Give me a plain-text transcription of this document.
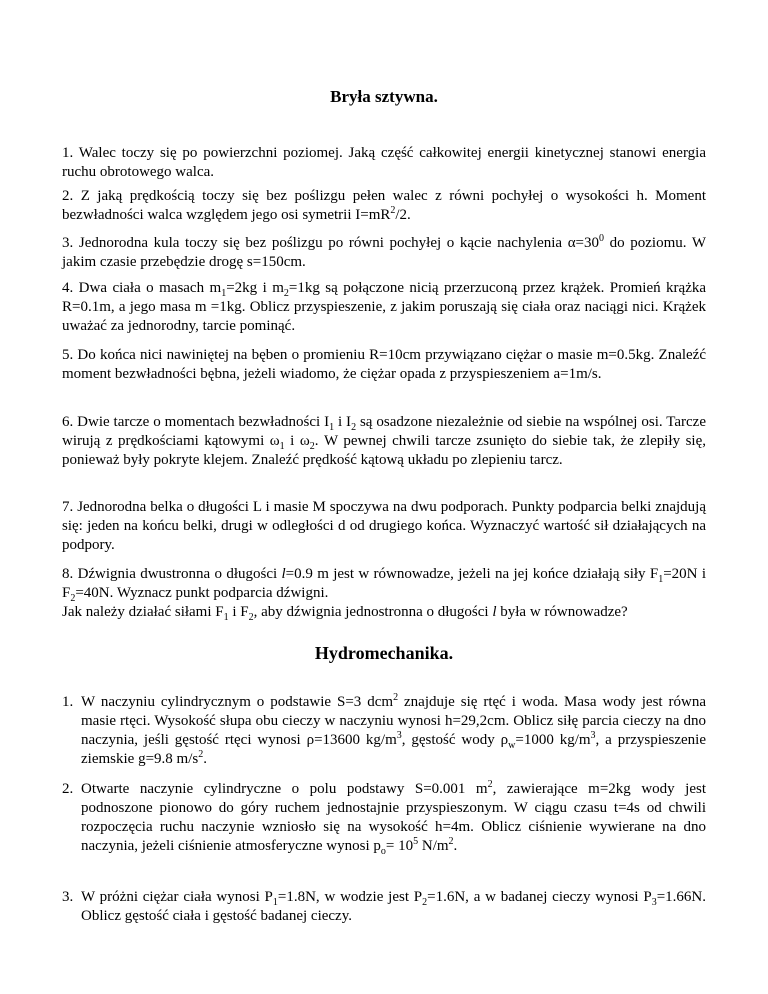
Bryła sztywna.

1. Walec toczy się po powierzchni poziomej. Jaką część całkowitej energii kinetycznej stanowi energia ruchu obrotowego walca.

2. Z jaką prędkością toczy się bez poślizgu pełen walec z równi pochyłej o wysokości h. Moment bezwładności walca względem jego osi symetrii $I=mR^2/2$.

3. Jednorodna kula toczy się bez poślizgu po równi pochyłej o kącie nachylenia $\alpha=30^0$ do poziomu. W jakim czasie przebędzie drogę s=150cm.

4. Dwa ciała o masach $m_1=2kg$ i $m_2=1kg$ są połączone nicią przerzuconą przez krążek. Promień krążka R=0.1m, a jego masa m =1kg. Oblicz przyspieszenie, z jakim poruszają się ciała oraz naciągi nici. Krążek uważać za jednorodny, tarcie pominąć.

5. Do końca nici nawiniętej na bęben o promieniu R=10cm przywiązano ciężar o masie m=0.5kg. Znaleźć moment bezwładności bębna, jeżeli wiadomo, że ciężar opada z przyspieszeniem a=1m/s.

6. Dwie tarcze o momentach bezwładności $I_1$ i $I_2$ są osadzone niezależnie od siebie na wspólnej osi. Tarcze wirują z prędkościami kątowymi $\omega_1$ i $\omega_2$. W pewnej chwili tarcze zsunięto do siebie tak, że zlepiły się, ponieważ były pokryte klejem. Znaleźć prędkość kątową układu po zlepieniu tarcz.

7. Jednorodna belka o długości L i masie M spoczywa na dwu podporach. Punkty podparcia belki znajdują się: jeden na końcu belki, drugi w odległości d od drugiego końca. Wyznaczyć wartość sił działających na podpory.

8. Dźwignia dwustronna o długości l=0.9 m jest w równowadze, jeżeli na jej końce działają siły $F_1=20N$ i $F_2=40N$. Wyznacz punkt podparcia dźwigni.
Jak należy działać siłami $F_1$ i $F_2$, aby dźwignia jednostronna o długości l była w równowadze?

Hydromechanika.
1. W naczyniu cylindrycznym o podstawie S=3 dcm$^2$ znajduje się rtęć i woda. Masa wody jest równa masie rtęci. Wysokość słupa obu cieczy w naczyniu wynosi h=29,2cm. Oblicz siłę parcia cieczy na dno naczynia, jeśli gęstość rtęci wynosi ρ=13600 $kg/m^3$, gęstość wody $\rho_w=1000$ $kg/m^3$, a przyspieszenie ziemskie g=9.8 $m/s^2$.
2. Otwarte naczynie cylindryczne o polu podstawy S=0.001 $m^2$, zawierające m=2kg wody jest podnoszone pionowo do góry ruchem jednostajnie przyspieszonym. W ciągu czasu t=4s od chwili rozpoczęcia ruchu naczynie wzniosło się na wysokość h=4m. Oblicz ciśnienie wywierane na dno naczynia, jeżeli ciśnienie atmosferyczne wynosi $p_o= 10^5$ $N/m^2$.
3. W próżni ciężar ciała wynosi $P_1=1.8N$, w wodzie jest $P_2=1.6N$, a w badanej cieczy wynosi $P_3=1.66N$. Oblicz gęstość ciała i gęstość badanej cieczy.
